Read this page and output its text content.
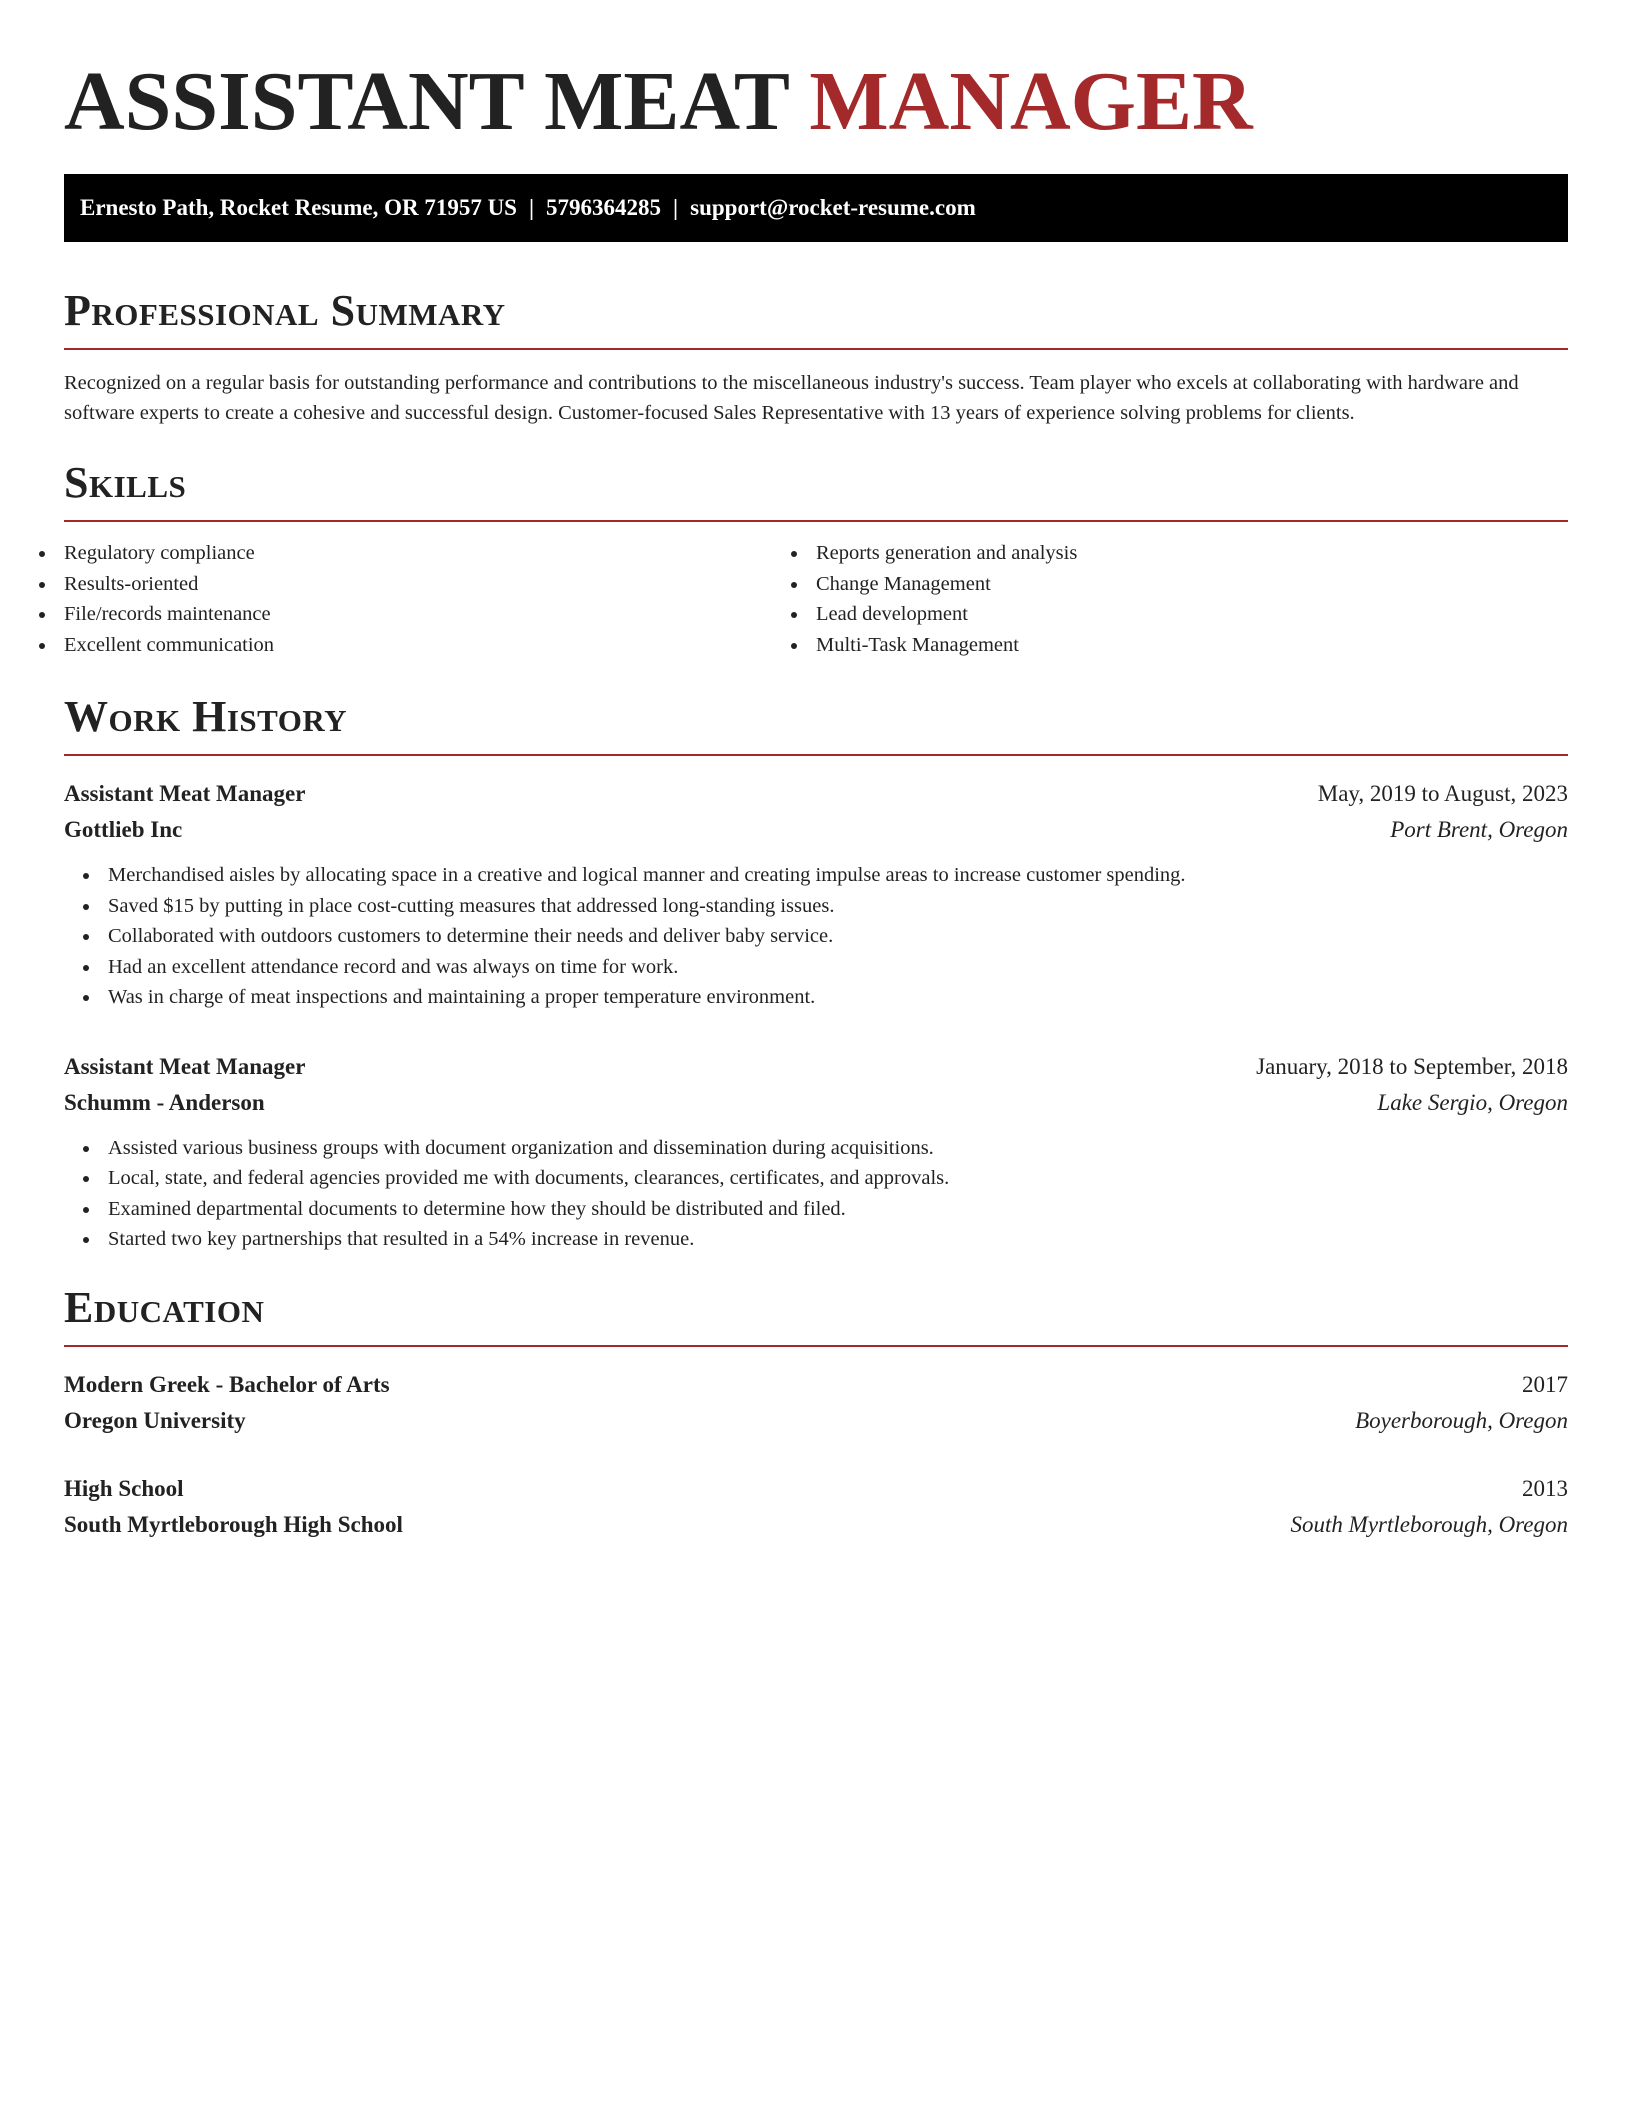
ASSISTANT MEAT MANAGER
Ernesto Path, Rocket Resume, OR 71957 US | 5796364285 | support@rocket-resume.com
Professional Summary

Recognized on a regular basis for outstanding performance and contributions to the miscellaneous industry's success. Team player who excels at collaborating with hardware and software experts to create a cohesive and successful design. Customer-focused Sales Representative with 13 years of experience solving problems for clients.

Skills
Regulatory compliance
Results-oriented
File/records maintenance
Excellent communication
Reports generation and analysis
Change Management
Lead development
Multi-Task Management
Work History
Assistant Meat Manager	May, 2019 to August, 2023
Gottlieb Inc	Port Brent, Oregon
Merchandised aisles by allocating space in a creative and logical manner and creating impulse areas to increase customer spending.
Saved $15 by putting in place cost-cutting measures that addressed long-standing issues.
Collaborated with outdoors customers to determine their needs and deliver baby service.
Had an excellent attendance record and was always on time for work.
Was in charge of meat inspections and maintaining a proper temperature environment.
Assistant Meat Manager	January, 2018 to September, 2018
Schumm - Anderson	Lake Sergio, Oregon
Assisted various business groups with document organization and dissemination during acquisitions.
Local, state, and federal agencies provided me with documents, clearances, certificates, and approvals.
Examined departmental documents to determine how they should be distributed and filed.
Started two key partnerships that resulted in a 54% increase in revenue.
Education
Modern Greek - Bachelor of Arts	2017
Oregon University	Boyerborough, Oregon
High School	2013
South Myrtleborough High School	South Myrtleborough, Oregon
